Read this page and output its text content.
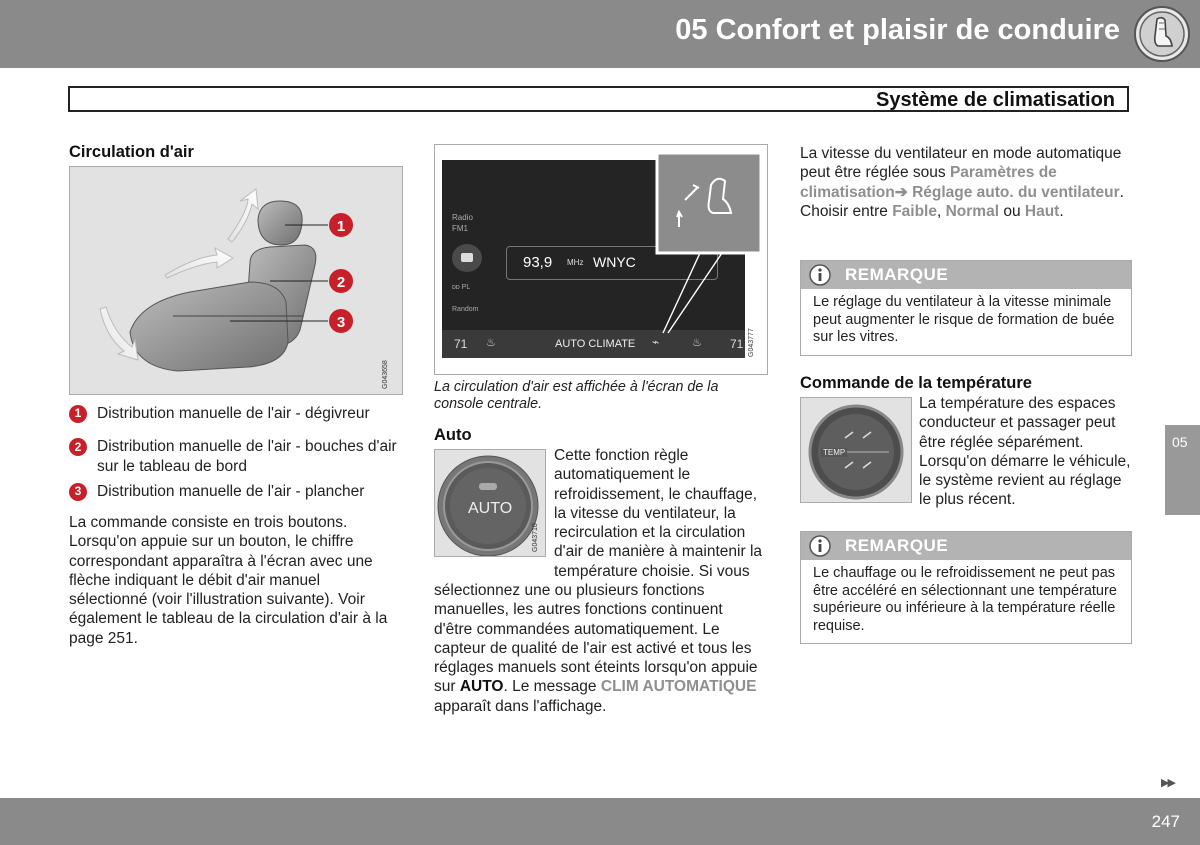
05 Confort et plaisir de conduire
Système de climatisation
Circulation d'air
1
2
3
G043658
1	Distribution manuelle de l'air - dégivreur
2	Distribution manuelle de l'air - bouches d'air sur le tableau de bord
3	Distribution manuelle de l'air - plancher
La commande consiste en trois boutons. Lorsqu'on appuie sur un bouton, le chiffre correspondant apparaîtra à l'écran avec une flèche indiquant le débit d'air manuel sélectionné (voir l'illustration suivante). Voir également le tableau de la circulation d'air à la page 251.
Radio
FM1
ᴅᴅ PL
Random
93,9 MHz WNYC
71 ♨	AUTO CLIMATE ⌁	♨ 71 G043777
La circulation d'air est affichée à l'écran de la console centrale.
Auto
AUTO
G043710
Cette fonction règle automatiquement le refroidissement, le chauffage, la vitesse du ventilateur, la recirculation et la circulation d'air de manière à maintenir la température choisie. Si vous
sélectionnez une ou plusieurs fonctions manuelles, les autres fonctions continuent d'être commandées automatiquement. Le capteur de qualité de l'air est activé et tous les réglages manuels sont éteints lorsqu'on appuie sur AUTO. Le message CLIM AUTOMATIQUE apparaît dans l'affichage.
La vitesse du ventilateur en mode automatique peut être réglée sous Paramètres de climatisation➔ Réglage auto. du ventilateur. Choisir entre Faible, Normal ou Haut.
REMARQUE
Le réglage du ventilateur à la vitesse minimale peut augmenter le risque de formation de buée sur les vitres.
Commande de la température
TEMP
La température des espaces conducteur et passager peut être réglée séparément. Lorsqu'on démarre le véhicule, le système revient au réglage le plus récent.
REMARQUE
Le chauffage ou le refroidissement ne peut pas être accéléré en sélectionnant une température supérieure ou inférieure à la température réelle requise.
05
▶▶
247
